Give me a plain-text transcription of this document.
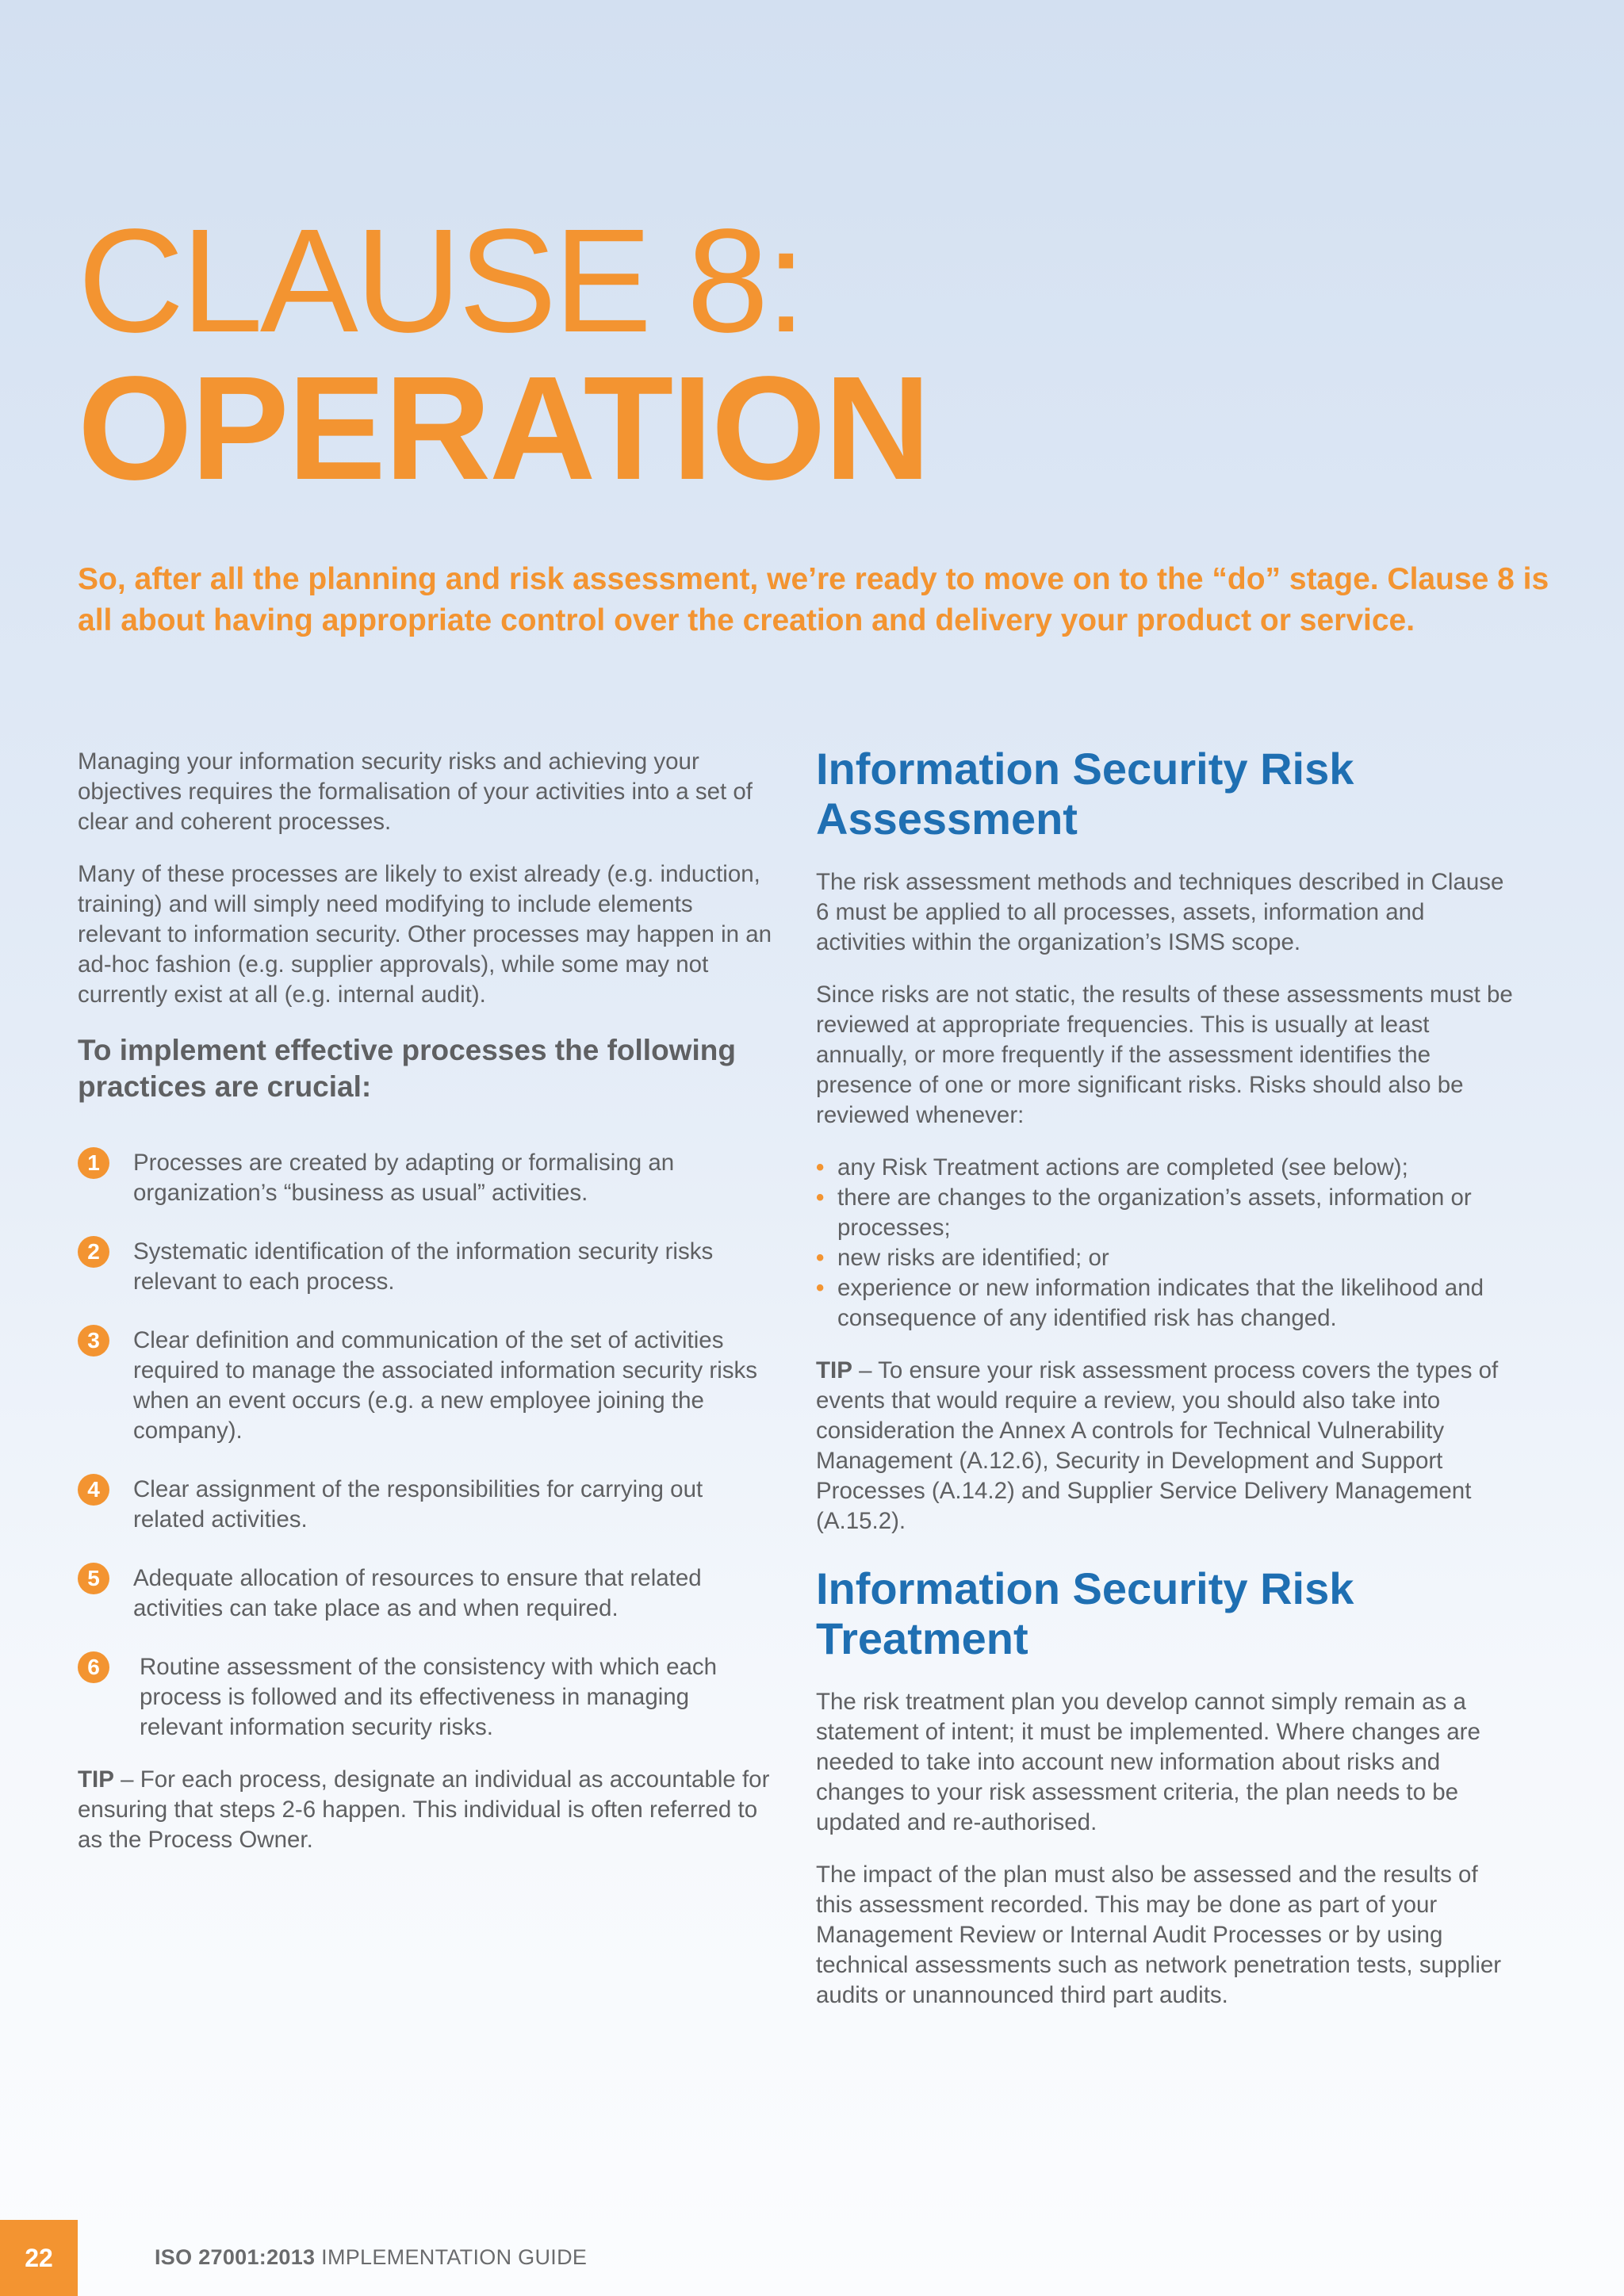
CLAUSE 8:
OPERATION

So, after all the planning and risk assessment, we’re ready to move on to the “do” stage. Clause 8 is all about having appropriate control over the creation and delivery your product or service.

Managing your information security risks and achieving your objectives requires the formalisation of your activities into a set of clear and coherent processes.

Many of these processes are likely to exist already (e.g. induction, training) and will simply need modifying to include elements relevant to information security. Other processes may happen in an ad-hoc fashion (e.g. supplier approvals), while some may not currently exist at all (e.g. internal audit).

To implement effective processes the following practices are crucial:
1	Processes are created by adapting or formalising an organization’s “business as usual” activities.
2	Systematic identification of the information security risks relevant to each process.
3	Clear definition and communication of the set of activities required to manage the associated information security risks when an event occurs (e.g. a new employee joining the company).
4	Clear assignment of the responsibilities for carrying out related activities.
5	Adequate allocation of resources to ensure that related activities can take place as and when required.
6	Routine assessment of the consistency with which each process is followed and its effectiveness in managing relevant information security risks.

TIP – For each process, designate an individual as accountable for ensuring that steps 2-6 happen. This individual is often referred to as the Process Owner.

Information Security Risk Assessment

The risk assessment methods and techniques described in Clause 6 must be applied to all processes, assets, information and activities within the organization’s ISMS scope.

Since risks are not static, the results of these assessments must be reviewed at appropriate frequencies. This is usually at least annually, or more frequently if the assessment identifies the presence of one or more significant risks. Risks should also be reviewed whenever:

• any Risk Treatment actions are completed (see below);
• there are changes to the organization’s assets, information or processes;
• new risks are identified; or
• experience or new information indicates that the likelihood and consequence of any identified risk has changed.

TIP – To ensure your risk assessment process covers the types of events that would require a review, you should also take into consideration the Annex A controls for Technical Vulnerability Management (A.12.6), Security in Development and Support Processes (A.14.2) and Supplier Service Delivery Management (A.15.2).

Information Security Risk Treatment

The risk treatment plan you develop cannot simply remain as a statement of intent; it must be implemented. Where changes are needed to take into account new information about risks and changes to your risk assessment criteria, the plan needs to be updated and re-authorised.

The impact of the plan must also be assessed and the results of this assessment recorded. This may be done as part of your Management Review or Internal Audit Processes or by using technical assessments such as network penetration tests, supplier audits or unannounced third part audits.

22	ISO 27001:2013 IMPLEMENTATION GUIDE
